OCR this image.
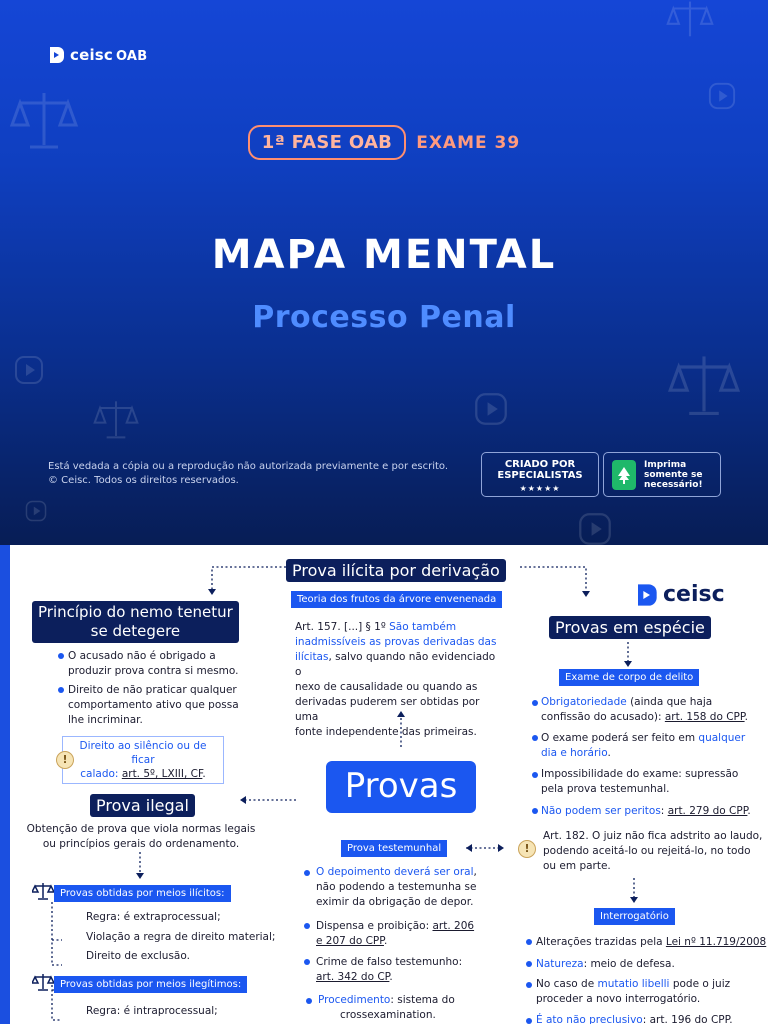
ceisc OAB
1ª FASE OAB	EXAME 39
MAPA MENTAL
Processo Penal
Está vedada a cópia ou a reprodução não autorizada previamente e por escrito.
© Ceisc. Todos os direitos reservados.
CRIADO POR
ESPECIALISTAS
★★★★★
Imprima
somente se
necessário!
Prova ilícita por derivação
Teoria dos frutos da árvore envenenada
Art. 157. [...] § 1º São também
inadmissíveis as provas derivadas das
ilícitas, salvo quando não evidenciado o
nexo de causalidade ou quando as
derivadas puderem ser obtidas por uma
fonte independente das primeiras.
ceisc
Princípio do nemo tenetur
se detegere
O acusado não é obrigado a
produzir prova contra si mesmo.
Direito de não praticar qualquer
comportamento ativo que possa
lhe incriminar.
Direito ao silêncio ou de ficar
calado: art. 5º, LXIII, CF.
!
Provas
Prova ilegal
Obtenção de prova que viola normas legais
ou princípios gerais do ordenamento.
Provas obtidas por meios ilícitos:
Regra: é extraprocessual;
Violação a regra de direito material;
Direito de exclusão.
Provas obtidas por meios ilegítimos:
Regra: é intraprocessual;
Provas em espécie
Exame de corpo de delito
Obrigatoriedade (ainda que haja
confissão do acusado): art. 158 do CPP.
O exame poderá ser feito em qualquer
dia e horário.
Impossibilidade do exame: supressão
pela prova testemunhal.
Não podem ser peritos: art. 279 do CPP.
!
Art. 182. O juiz não fica adstrito ao laudo,
podendo aceitá-lo ou rejeitá-lo, no todo
ou em parte.
Interrogatório
Alterações trazidas pela Lei nº 11.719/2008
Natureza: meio de defesa.
No caso de mutatio libelli pode o juiz
proceder a novo interrogatório.
É ato não preclusivo: art. 196 do CPP.
Prova testemunhal
O depoimento deverá ser oral,
não podendo a testemunha se
eximir da obrigação de depor.
Dispensa e proibição: art. 206
e 207 do CPP.
Crime de falso testemunho:
art. 342 do CP.
Procedimento: sistema do
crossexamination.
